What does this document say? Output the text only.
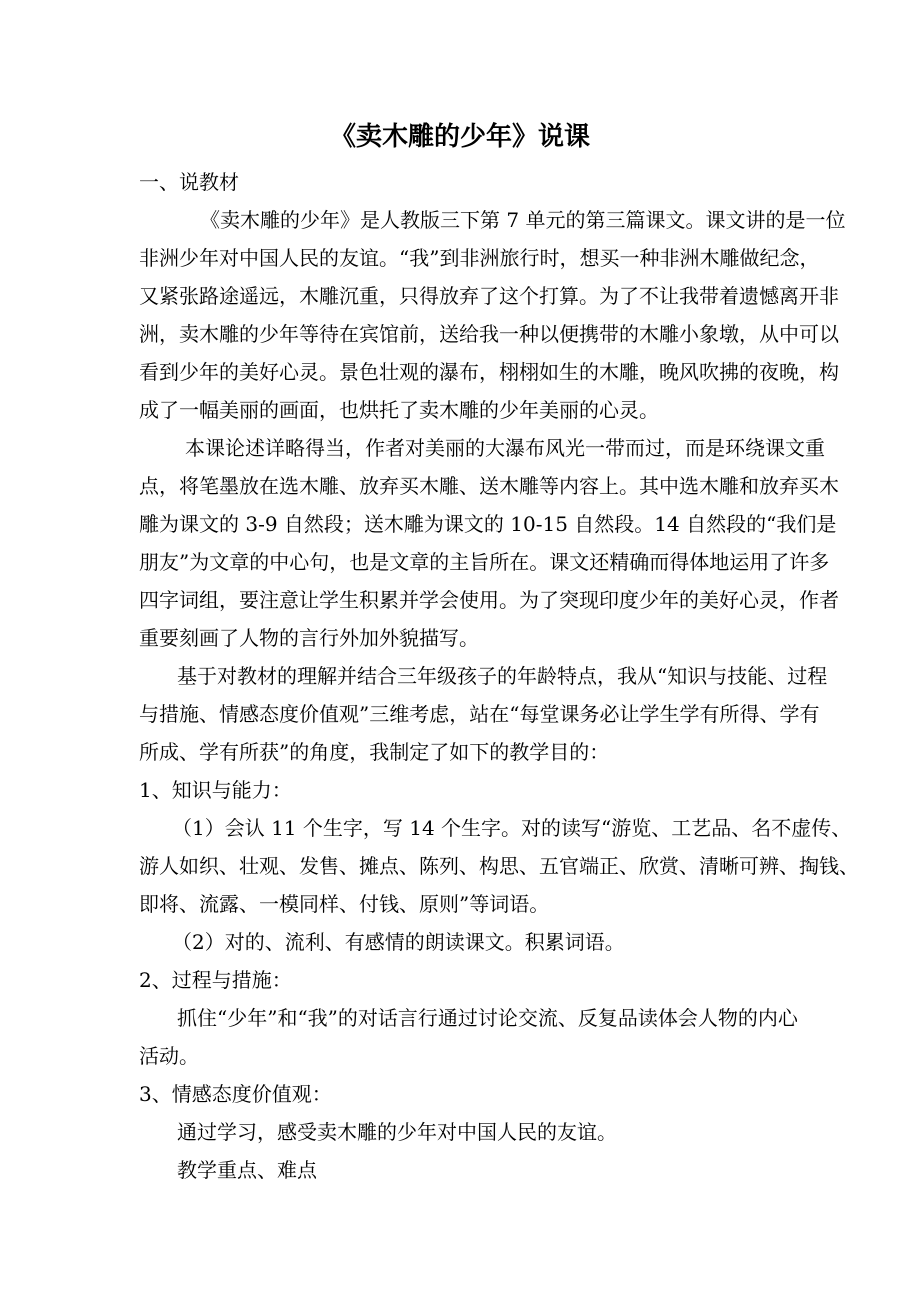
《卖木雕的少年》说课
一、说教材
《卖木雕的少年》是人教版三下第 7 单元的第三篇课文。课文讲的是一位
非洲少年对中国人民的友谊。“我”到非洲旅行时，想买一种非洲木雕做纪念，
又紧张路途遥远，木雕沉重，只得放弃了这个打算。为了不让我带着遗憾离开非
洲，卖木雕的少年等待在宾馆前，送给我一种以便携带的木雕小象墩，从中可以
看到少年的美好心灵。景色壮观的瀑布，栩栩如生的木雕，晚风吹拂的夜晚，构
成了一幅美丽的画面，也烘托了卖木雕的少年美丽的心灵。
本课论述详略得当，作者对美丽的大瀑布风光一带而过，而是环绕课文重
点，将笔墨放在选木雕、放弃买木雕、送木雕等内容上。其中选木雕和放弃买木
雕为课文的 3-9 自然段；送木雕为课文的 10-15 自然段。14 自然段的“我们是
朋友”为文章的中心句，也是文章的主旨所在。课文还精确而得体地运用了许多
四字词组，要注意让学生积累并学会使用。为了突现印度少年的美好心灵，作者
重要刻画了人物的言行外加外貌描写。
基于对教材的理解并结合三年级孩子的年龄特点，我从“知识与技能、过程
与措施、情感态度价值观”三维考虑，站在“每堂课务必让学生学有所得、学有
所成、学有所获”的角度，我制定了如下的教学目的：
1、知识与能力：
（1）会认 11 个生字，写 14 个生字。对的读写“游览、工艺品、名不虚传、
游人如织、壮观、发售、摊点、陈列、构思、五官端正、欣赏、清晰可辨、掏钱、
即将、流露、一模同样、付钱、原则”等词语。
（2）对的、流利、有感情的朗读课文。积累词语。
2、过程与措施：
抓住“少年”和“我”的对话言行通过讨论交流、反复品读体会人物的内心
活动。
3、情感态度价值观：
通过学习，感受卖木雕的少年对中国人民的友谊。
教学重点、难点
